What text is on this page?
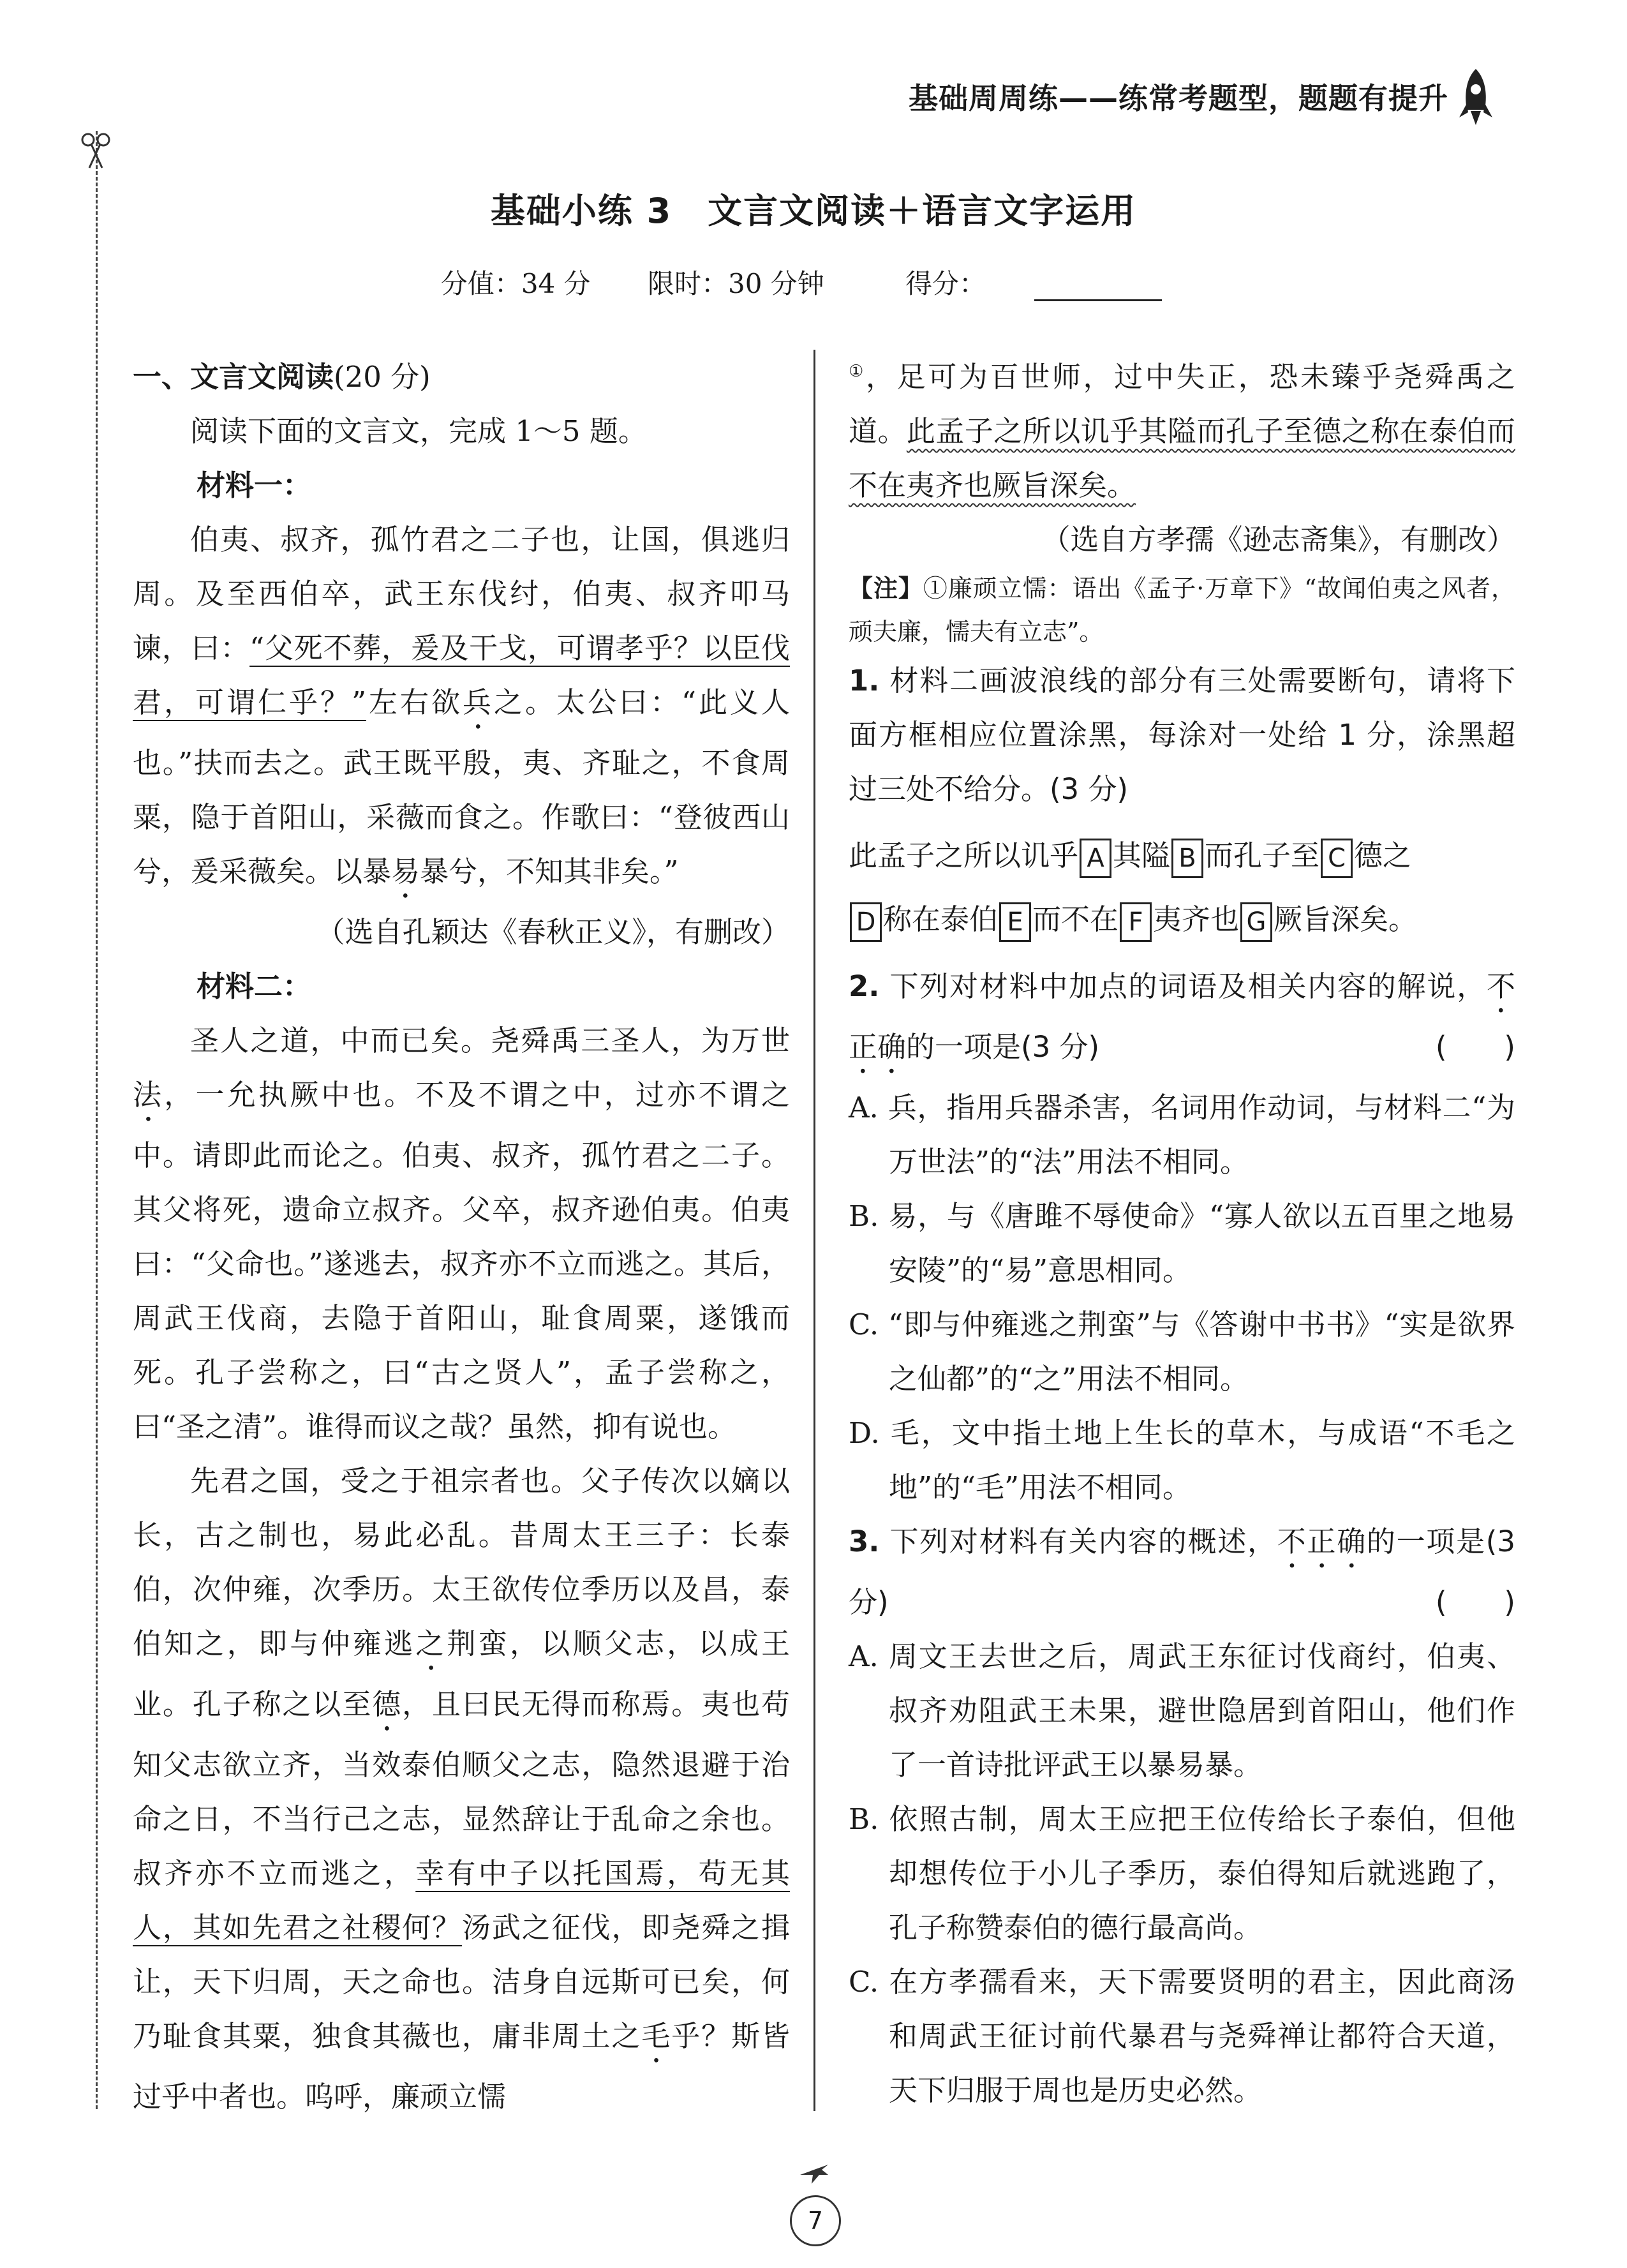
基础周周练——练常考题型，题题有提升
基础小练 3　文言文阅读＋语言文字运用
分值：34 分 限时：30 分钟	得分：

一、文言文阅读(20 分)

阅读下面的文言文，完成 1～5 题。

材料一：

伯夷、叔齐，孤竹君之二子也，让国，俱逃归周。及至西伯卒，武王东伐纣，伯夷、叔齐叩马谏，曰：“父死不葬，爰及干戈，可谓孝乎？以臣伐君，可谓仁乎？”左右欲兵之。太公曰：“此义人也。”扶而去之。武王既平殷，夷、齐耻之，不食周粟，隐于首阳山，采薇而食之。作歌曰：“登彼西山兮，爰采薇矣。以暴易暴兮，不知其非矣。”

（选自孔颖达《春秋正义》，有删改）

材料二：

圣人之道，中而已矣。尧舜禹三圣人，为万世法，一允执厥中也。不及不谓之中，过亦不谓之中。请即此而论之。伯夷、叔齐，孤竹君之二子。其父将死，遗命立叔齐。父卒，叔齐逊伯夷。伯夷曰：“父命也。”遂逃去，叔齐亦不立而逃之。其后，周武王伐商，去隐于首阳山，耻食周粟，遂饿而死。孔子尝称之，曰“古之贤人”，孟子尝称之，曰“圣之清”。谁得而议之哉？虽然，抑有说也。

先君之国，受之于祖宗者也。父子传次以嫡以长，古之制也，易此必乱。昔周太王三子：长泰伯，次仲雍，次季历。太王欲传位季历以及昌，泰伯知之，即与仲雍逃之荆蛮，以顺父志，以成王业。孔子称之以至德，且曰民无得而称焉。夷也苟知父志欲立齐，当效泰伯顺父之志，隐然退避于治命之日，不当行己之志，显然辞让于乱命之余也。叔齐亦不立而逃之，幸有中子以托国焉，苟无其人，其如先君之社稷何？汤武之征伐，即尧舜之揖让，天下归周，天之命也。洁身自远斯可已矣，何乃耻食其粟，独食其薇也，庸非周土之毛乎？斯皆过乎中者也。呜呼，廉顽立懦

①，足可为百世师，过中失正，恐未臻乎尧舜禹之道。此孟子之所以讥乎其隘而孔子至德之称在泰伯而不在夷齐也厥旨深矣。

（选自方孝孺《逊志斋集》，有删改）

【注】①廉顽立懦：语出《孟子·万章下》“故闻伯夷之风者，顽夫廉，懦夫有立志”。

1. 材料二画波浪线的部分有三处需要断句，请将下面方框相应位置涂黑，每涂对一处给 1 分，涂黑超过三处不给分。(3 分)

此孟子之所以讥乎 A 其隘 B 而孔子至 C 德之
D 称在泰伯 E 而不在 F 夷齐也 G 厥旨深矣。

2. 下列对材料中加点的词语及相关内容的解说，不正确的一项是(3 分)	(　　)

A. 兵，指用兵器杀害，名词用作动词，与材料二“为万世法”的“法”用法不相同。

B. 易，与《唐雎不辱使命》“寡人欲以五百里之地易安陵”的“易”意思相同。

C. “即与仲雍逃之荆蛮”与《答谢中书书》“实是欲界之仙都”的“之”用法不相同。

D. 毛，文中指土地上生长的草木，与成语“不毛之地”的“毛”用法不相同。

3. 下列对材料有关内容的概述，不正确的一项是(3 分)	(　　)

A. 周文王去世之后，周武王东征讨伐商纣，伯夷、叔齐劝阻武王未果，避世隐居到首阳山，他们作了一首诗批评武王以暴易暴。

B. 依照古制，周太王应把王位传给长子泰伯，但他却想传位于小儿子季历，泰伯得知后就逃跑了，孔子称赞泰伯的德行最高尚。

C. 在方孝孺看来，天下需要贤明的君主，因此商汤和周武王征讨前代暴君与尧舜禅让都符合天道，天下归服于周也是历史必然。

7
